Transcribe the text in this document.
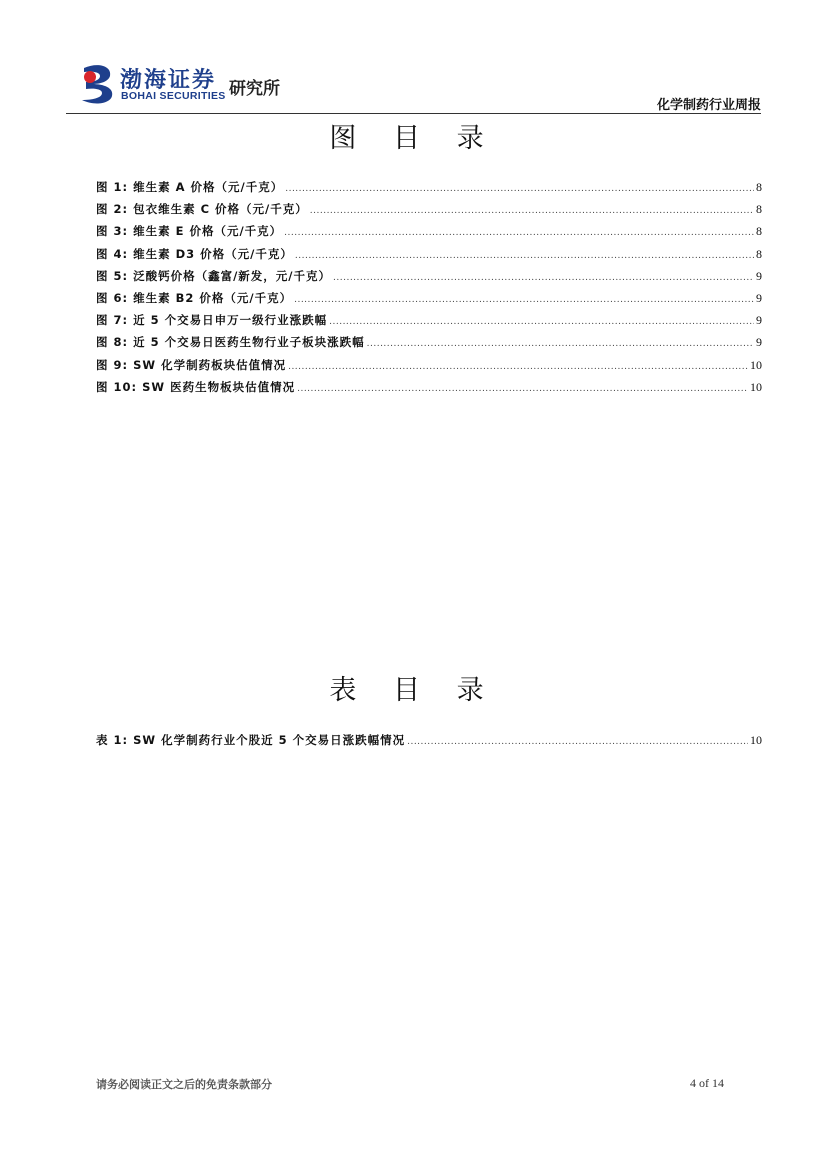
渤海证券
BOHAI SECURITIES 研究所
化学制药行业周报
图 目 录
图 1: 维生素 A 价格（元/千克） .....	8
图 2: 包衣维生素 C 价格（元/千克） .....	8
图 3: 维生素 E 价格（元/千克） .....	8
图 4: 维生素 D3 价格（元/千克） .....	8
图 5: 泛酸钙价格（鑫富/新发，元/千克） .....	9
图 6: 维生素 B2 价格（元/千克） .....	9
图 7: 近 5 个交易日申万一级行业涨跌幅 .....	9
图 8: 近 5 个交易日医药生物行业子板块涨跌幅 .....	9
图 9: SW 化学制药板块估值情况 .....	10
图 10: SW 医药生物板块估值情况 .....	10
表 目 录
表 1: SW 化学制药行业个股近 5 个交易日涨跌幅情况 .....	10
请务必阅读正文之后的免责条款部分	4 of 14
